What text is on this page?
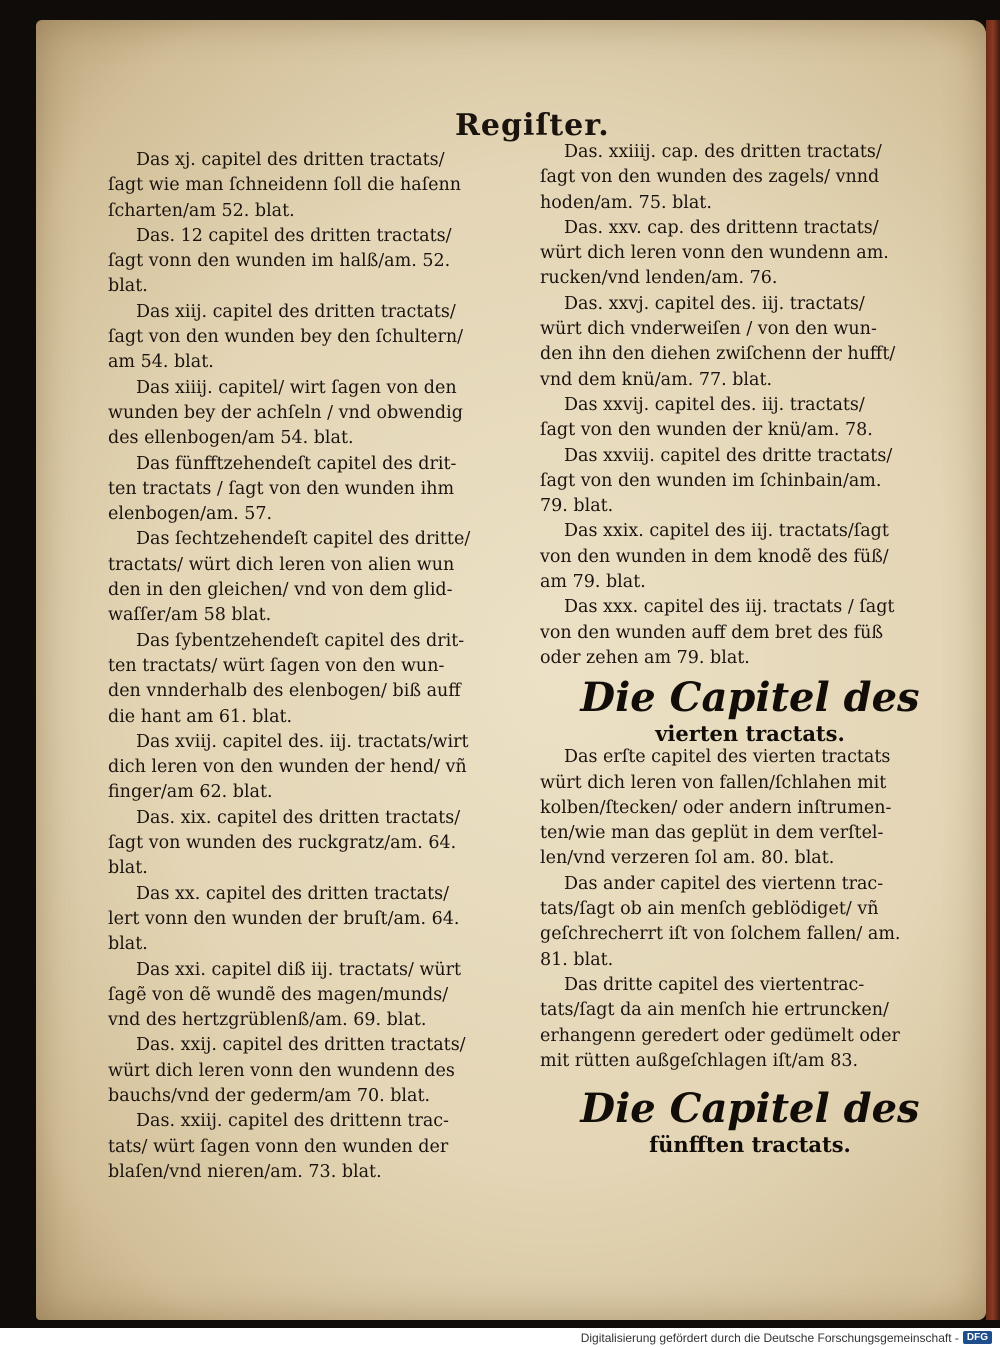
Regiſter.

Das xj. capitel des dritten tractats/
ſagt wie man ſchneidenn ſoll die haſenn
ſcharten/am 52. blat.

Das. 12 capitel des dritten tractats/
ſagt vonn den wunden im halß/am. 52.
blat.

Das xiij. capitel des dritten tractats/
ſagt von den wunden bey den ſchultern/
am 54. blat.

Das xiiij. capitel/ wirt ſagen von den
wunden bey der achſeln / vnd obwendig
des ellenbogen/am 54. blat.

Das fünfftzehendeſt capitel des drit-
ten tractats / ſagt von den wunden ihm
elenbogen/am. 57.

Das ſechtzehendeſt capitel des dritte/
tractats/ würt dich leren von alien wun
den in den gleichen/ vnd von dem glid-
waſſer/am 58 blat.

Das ſybentzehendeſt capitel des drit-
ten tractats/ würt ſagen von den wun-
den vnnderhalb des elenbogen/ biß auff
die hant am 61. blat.

Das xviij. capitel des. iij. tractats/wirt
dich leren von den wunden der hend/ vñ
finger/am 62. blat.

Das. xix. capitel des dritten tractats/
ſagt von wunden des ruckgratz/am. 64.
blat.

Das xx. capitel des dritten tractats/
lert vonn den wunden der bruſt/am. 64.
blat.

Das xxi. capitel diß iij. tractats/ würt
ſagẽ von dẽ wundẽ des magen/munds/
vnd des hertzgrüblenß/am. 69. blat.

Das. xxij. capitel des dritten tractats/
würt dich leren vonn den wundenn des
bauchs/vnd der gederm/am 70. blat.

Das. xxiij. capitel des drittenn trac-
tats/ würt ſagen vonn den wunden der
blaſen/vnd nieren/am. 73. blat.

Das. xxiiij. cap. des dritten tractats/
ſagt von den wunden des zagels/ vnnd
hoden/am. 75. blat.

Das. xxv. cap. des drittenn tractats/
würt dich leren vonn den wundenn am.
rucken/vnd lenden/am. 76.

Das. xxvj. capitel des. iij. tractats/
würt dich vnderweiſen / von den wun-
den ihn den diehen zwiſchenn der hufft/
vnd dem knü/am. 77. blat.

Das xxvij. capitel des. iij. tractats/
ſagt von den wunden der knü/am. 78.

Das xxviij. capitel des dritte tractats/
ſagt von den wunden im ſchinbain/am.
79. blat.

Das xxix. capitel des iij. tractats/ſagt
von den wunden in dem knodẽ des füß/
am 79. blat.

Das xxx. capitel des iij. tractats / ſagt
von den wunden auff dem bret des füß
oder zehen am 79. blat.

Die Capitel des
vierten tractats.

Das erſte capitel des vierten tractats
würt dich leren von fallen/ſchlahen mit
kolben/ſtecken/ oder andern inſtrumen-
ten/wie man das geplüt in dem verſtel-
len/vnd verzeren ſol am. 80. blat.

Das ander capitel des viertenn trac-
tats/ſagt ob ain menſch geblödiget/ vñ
geſchrecherrt iſt von ſolchem fallen/ am.
81. blat.

Das dritte capitel des viertentrac-
tats/ſagt da ain menſch hie ertruncken/
erhangenn geredert oder gedümelt oder
mit rütten außgeſchlagen iſt/am 83.

Die Capitel des
fünfften tractats.
Digitalisierung gefördert durch die Deutsche Forschungsgemeinschaft - DFG
